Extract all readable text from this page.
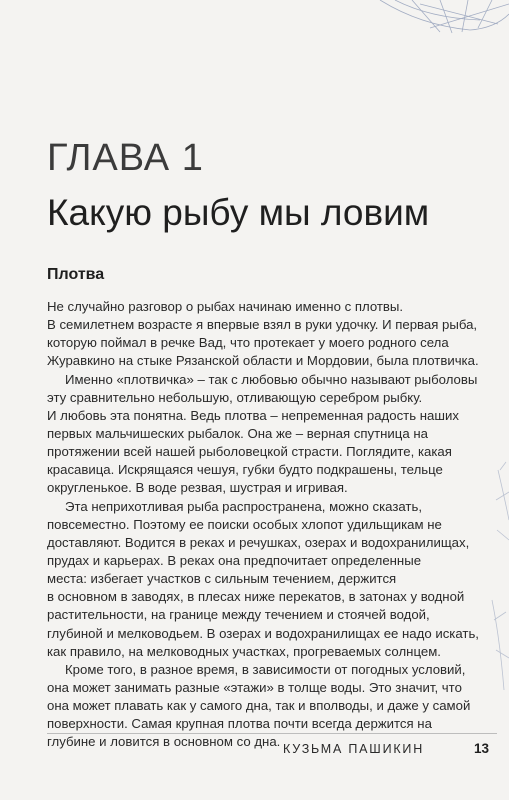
ГЛАВА 1
Какую рыбу мы ловим
Плотва
Не случайно разговор о рыбах начинаю именно с плотвы.
В семилетнем возрасте я впервые взял в руки удочку. И первая рыба,
которую поймал в речке Вад, что протекает у моего родного села
Журавкино на стыке Рязанской области и Мордовии, была плотвичка.
Именно «плотвичка» – так с любовью обычно называют рыболовы
эту сравнительно небольшую, отливающую серебром рыбку.
И любовь эта понятна. Ведь плотва – непременная радость наших
первых мальчишеских рыбалок. Она же – верная спутница на
протяжении всей нашей рыболовецкой страсти. Поглядите, какая
красавица. Искрящаяся чешуя, губки будто подкрашены, тельце
округленькое. В воде резвая, шустрая и игривая.
Эта неприхотливая рыба распространена, можно сказать,
повсеместно. Поэтому ее поиски особых хлопот удильщикам не
доставляют. Водится в реках и речушках, озерах и водохранилищах,
прудах и карьерах. В реках она предпочитает определенные
места: избегает участков с сильным течением, держится
в основном в заводях, в плесах ниже перекатов, в затонах у водной
растительности, на границе между течением и стоячей водой,
глубиной и мелководьем. В озерах и водохранилищах ее надо искать,
как правило, на мелководных участках, прогреваемых солнцем.
Кроме того, в разное время, в зависимости от погодных условий,
она может занимать разные «этажи» в толще воды. Это значит, что
она может плавать как у самого дна, так и вполводы, и даже у самой
поверхности. Самая крупная плотва почти всегда держится на
глубине и ловится в основном со дна. КУЗЬМА ПАШИКИН	13
